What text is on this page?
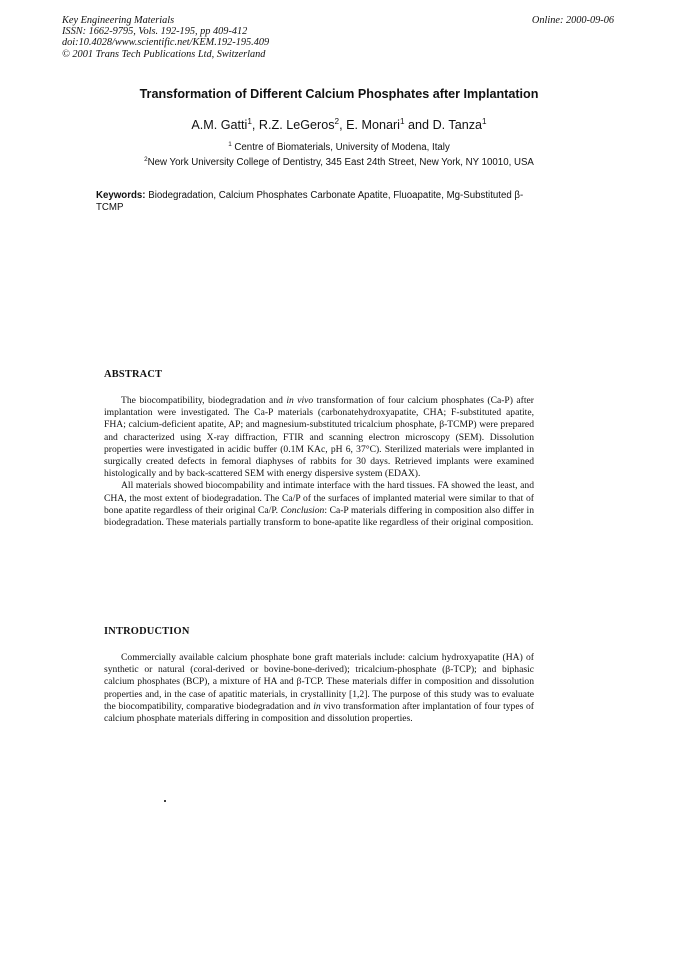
Key Engineering Materials
ISSN: 1662-9795, Vols. 192-195, pp 409-412
doi:10.4028/www.scientific.net/KEM.192-195.409
© 2001 Trans Tech Publications Ltd, Switzerland
Online: 2000-09-06
Transformation of Different Calcium Phosphates after Implantation
A.M. Gatti$^1$, R.Z. LeGeros$^2$, E. Monari$^1$ and D. Tanza$^1$
$^1$ Centre of Biomaterials, University of Modena, Italy
$^2$New York University College of Dentistry, 345 East 24th Street, New York, NY 10010, USA
Keywords: Biodegradation, Calcium Phosphates Carbonate Apatite, Fluoapatite, Mg-Substituted β-TCMP
ABSTRACT

The biocompatibility, biodegradation and in vivo transformation of four calcium phosphates (Ca-P) after implantation were investigated. The Ca-P materials (carbonatehydroxyapatite, CHA; F-substituted apatite, FHA; calcium-deficient apatite, AP; and magnesium-substituted tricalcium phosphate, β-TCMP) were prepared and characterized using X-ray diffraction, FTIR and scanning electron microscopy (SEM). Dissolution properties were investigated in acidic buffer (0.1M KAc, pH 6, 37°C). Sterilized materials were implanted in surgically created defects in femoral diaphyses of rabbits for 30 days. Retrieved implants were examined histologically and by back-scattered SEM with energy dispersive system (EDAX).

All materials showed biocompability and intimate interface with the hard tissues. FA showed the least, and CHA, the most extent of biodegradation. The Ca/P of the surfaces of implanted material were similar to that of bone apatite regardless of their original Ca/P. Conclusion: Ca-P materials differing in composition also differ in biodegradation. These materials partially transform to bone-apatite like regardless of their original composition.

INTRODUCTION

Commercially available calcium phosphate bone graft materials include: calcium hydroxyapatite (HA) of synthetic or natural (coral-derived or bovine-bone-derived); tricalcium-phosphate (β-TCP); and biphasic calcium phosphates (BCP), a mixture of HA and β-TCP. These materials differ in composition and dissolution properties and, in the case of apatitic materials, in crystallinity [1,2]. The purpose of this study was to evaluate the biocompatibility, comparative biodegradation and in vivo transformation after implantation of four types of calcium phosphate materials differing in composition and dissolution properties.
